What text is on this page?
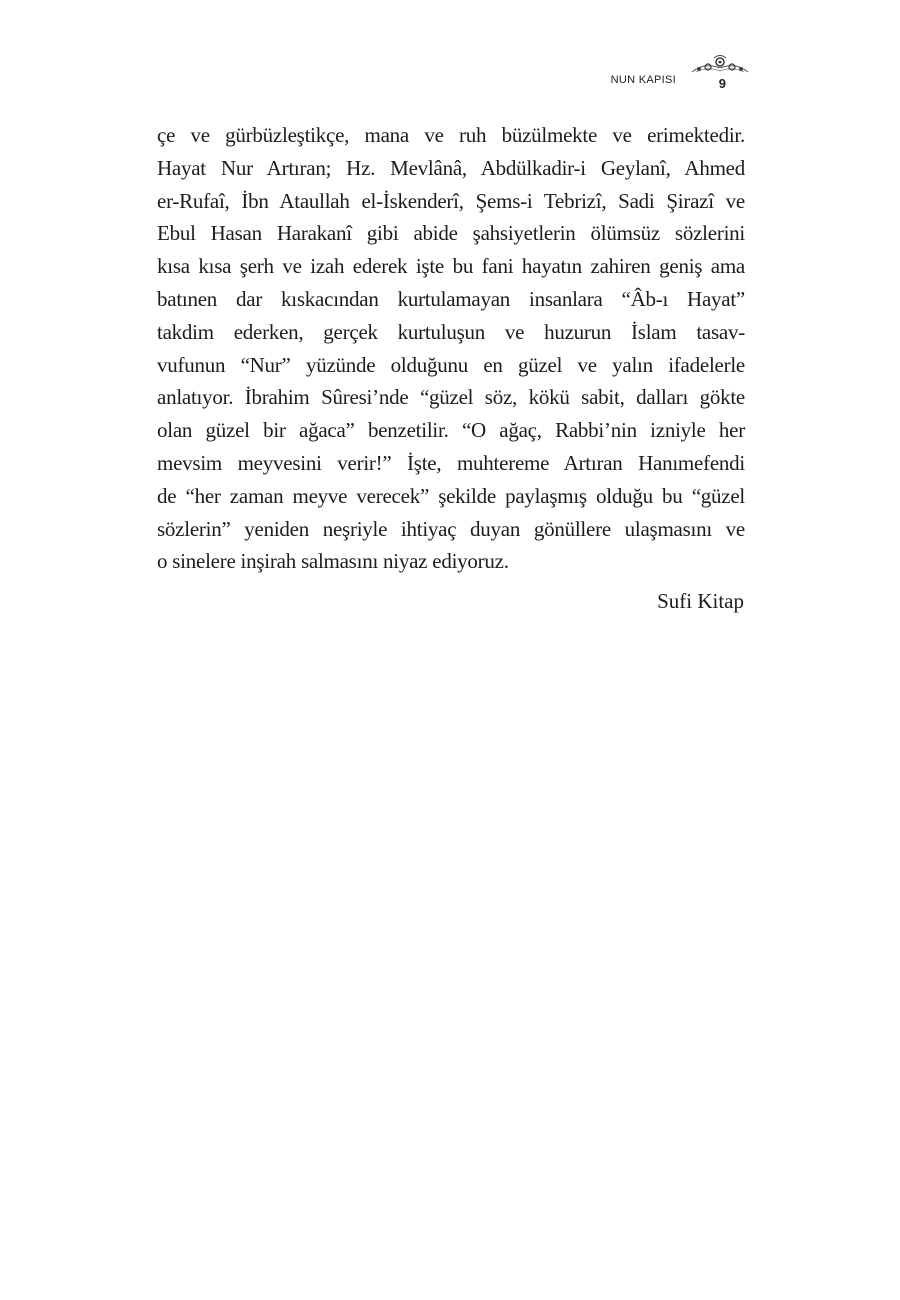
NUN KAPISI	9
çe ve gürbüzleştikçe, mana ve ruh büzülmekte ve erimektedir.
Hayat Nur Artıran; Hz. Mevlânâ, Abdülkadir-i Geylanî, Ahmed
er-Rufaî, İbn Ataullah el-İskenderî, Şems-i Tebrizî, Sadi Şirazî ve
Ebul Hasan Harakanî gibi abide şahsiyetlerin ölümsüz sözlerini
kısa kısa şerh ve izah ederek işte bu fani hayatın zahiren geniş ama
batınen dar kıskacından kurtulamayan insanlara “Âb-ı Hayat”
takdim ederken, gerçek kurtuluşun ve huzurun İslam tasav-
vufunun “Nur” yüzünde olduğunu en güzel ve yalın ifadelerle
anlatıyor. İbrahim Sûresi’nde “güzel söz, kökü sabit, dalları gökte
olan güzel bir ağaca” benzetilir. “O ağaç, Rabbi’nin izniyle her
mevsim meyvesini verir!” İşte, muhtereme Artıran Hanımefendi
de “her zaman meyve verecek” şekilde paylaşmış olduğu bu “güzel
sözlerin” yeniden neşriyle ihtiyaç duyan gönüllere ulaşmasını ve
o sinelere inşirah salmasını niyaz ediyoruz.

Sufi Kitap
